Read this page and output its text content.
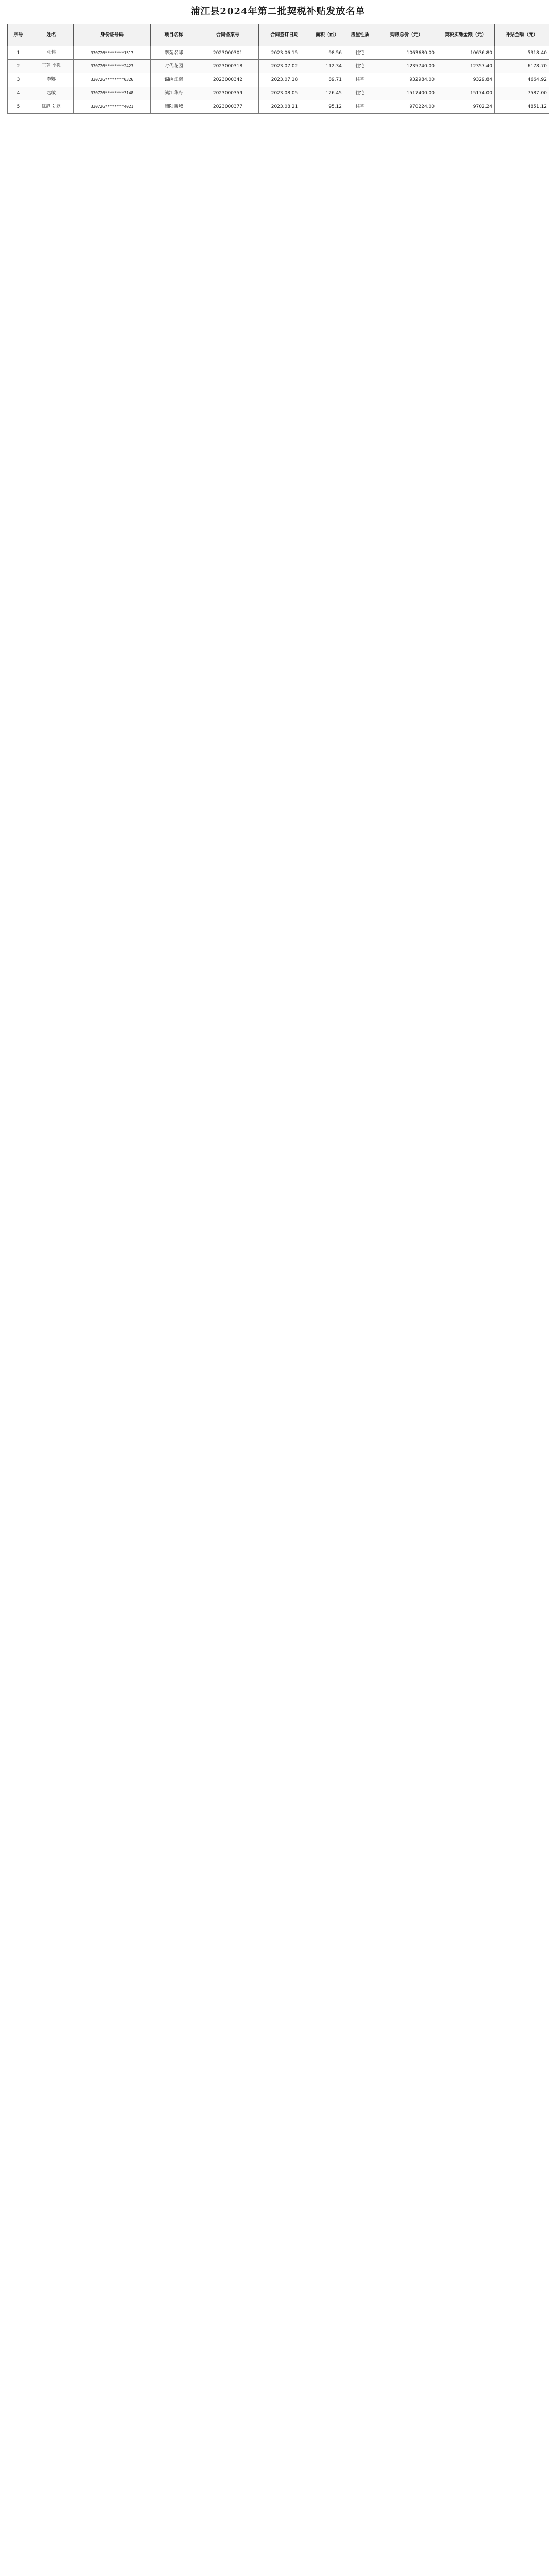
浦江县2024年第二批契税补贴发放名单
序号	姓名	身份证号码	项目名称	合同备案号	合同签订日期	面积（㎡）	房屋性质	购房总价（元）	契税实缴金额（元）	补贴金额（元）
1	张伟	330726********1517	翠苑名邸	2023000301	2023.06.15	98.56	住宅	1063680.00	10636.80	5318.40
2	王芳 李强	330726********2423	时代花园	2023000318	2023.07.02	112.34	住宅	1235740.00	12357.40	6178.70
3	李娜	330726********0326	锦绣江南	2023000342	2023.07.18	89.71	住宅	932984.00	9329.84	4664.92
4	赵敏	330726********3148	滨江华府	2023000359	2023.08.05	126.45	住宅	1517400.00	15174.00	7587.00
5	陈静 刘磊	330726********4021	浦阳新城	2023000377	2023.08.21	95.12	住宅	970224.00	9702.24	4851.12
